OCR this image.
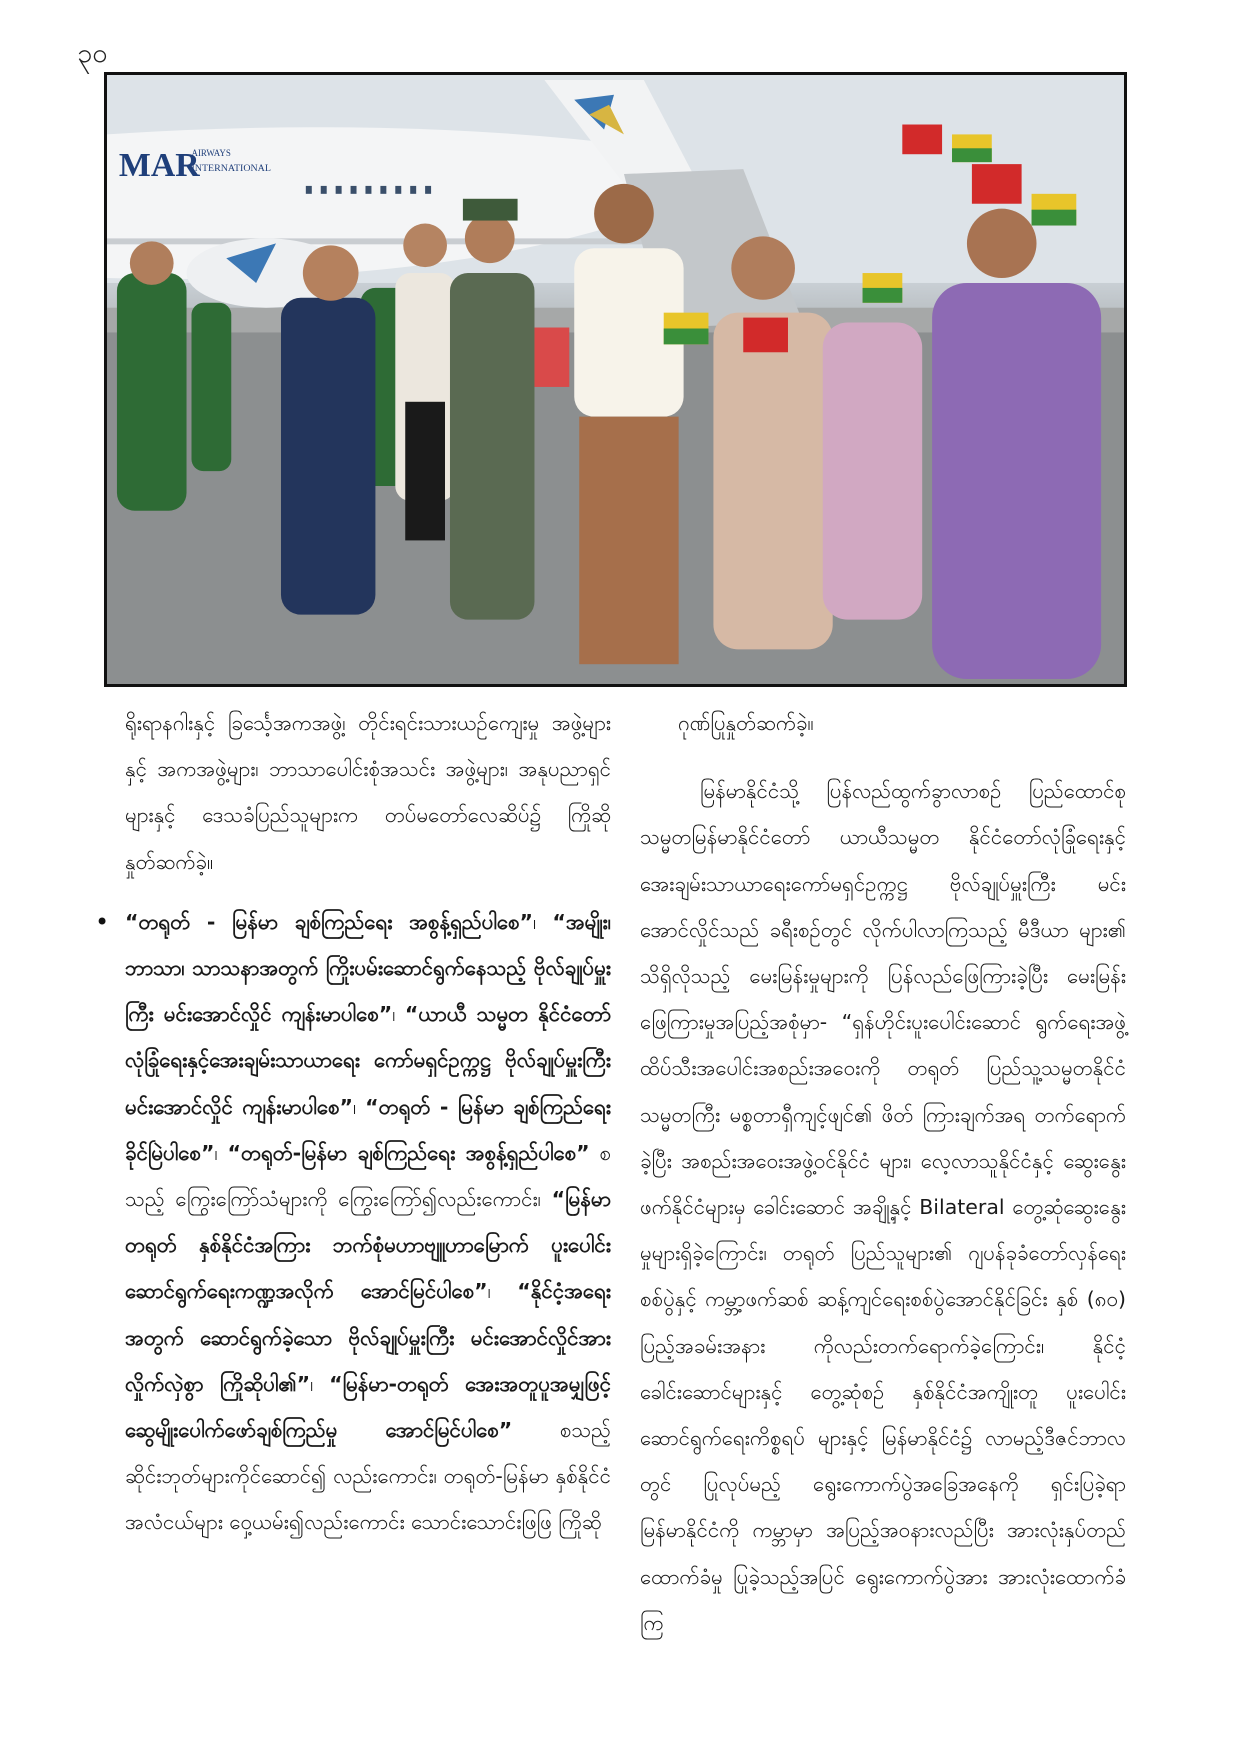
၃၀
MAR
AIRWAYS
INTERNATIONAL

ရိုးရာနဂါးနှင့် ခြင်္သေ့အကအဖွဲ့၊ တိုင်းရင်းသားယဉ်ကျေးမှု အဖွဲ့များနှင့် အကအဖွဲ့များ၊ ဘာသာပေါင်းစုံအသင်း အဖွဲ့များ၊ အနုပညာရှင်များနှင့် ဒေသခံပြည်သူများက တပ်မတော်လေဆိပ်၌ ကြိုဆိုနှုတ်ဆက်ခဲ့။

• “တရုတ် - မြန်မာ ချစ်ကြည်ရေး အစွန့်ရှည်ပါစေ”၊ “အမျိုး၊ ဘာသာ၊ သာသနာအတွက် ကြိုးပမ်းဆောင်ရွက်နေသည့် ဗိုလ်ချုပ်မှူးကြီး မင်းအောင်လှိုင် ကျန်းမာပါစေ”၊ “ယာယီ သမ္မတ နိုင်ငံတော်လုံခြုံရေးနှင့်အေးချမ်းသာယာရေး ကော်မရှင်ဥက္ကဋ္ဌ ဗိုလ်ချုပ်မှူးကြီး မင်းအောင်လှိုင် ကျန်းမာပါစေ”၊ “တရုတ် - မြန်မာ ချစ်ကြည်ရေးခိုင်မြဲပါစေ”၊ “တရုတ်-မြန်မာ ချစ်ကြည်ရေး အစွန့်ရှည်ပါစေ” စသည့် ကြွေးကြော်သံများကို ကြွေးကြော်၍လည်းကောင်း၊ “မြန်မာတရုတ် နှစ်နိုင်ငံအကြား ဘက်စုံမဟာဗျူဟာမြောက် ပူးပေါင်းဆောင်ရွက်ရေးကဏ္ဍအလိုက် အောင်မြင်ပါစေ”၊ “နိုင်ငံ့အရေးအတွက် ဆောင်ရွက်ခဲ့သော ဗိုလ်ချုပ်မှူးကြီး မင်းအောင်လှိုင်အား လှိုက်လှဲစွာ ကြိုဆိုပါ၏”၊ “မြန်မာ-တရုတ် အေးအတူပူအမျှဖြင့် ဆွေမျိုးပေါက်ဖော်ချစ်ကြည်မှု အောင်မြင်ပါစေ” စသည့် ဆိုင်းဘုတ်များကိုင်ဆောင်၍ လည်းကောင်း၊ တရုတ်-မြန်မာ နှစ်နိုင်ငံအလံငယ်များ ဝှေ့ယမ်း၍လည်းကောင်း သောင်းသောင်းဖြဖြ ကြိုဆို

ဂုဏ်ပြုနှုတ်ဆက်ခဲ့။

မြန်မာနိုင်ငံသို့ ပြန်လည်ထွက်ခွာလာစဉ် ပြည်ထောင်စု သမ္မတမြန်မာနိုင်ငံတော် ယာယီသမ္မတ နိုင်ငံတော်လုံခြုံရေးနှင့် အေးချမ်းသာယာရေးကော်မရှင်ဥက္ကဋ္ဌ ဗိုလ်ချုပ်မှူးကြီး မင်းအောင်လှိုင်သည် ခရီးစဉ်တွင် လိုက်ပါလာကြသည့် မီဒီယာ များ၏ သိရှိလိုသည့် မေးမြန်းမှုများကို ပြန်လည်ဖြေကြားခဲ့ပြီး မေးမြန်းဖြေကြားမှုအပြည့်အစုံမှာ- “ရှန်ဟိုင်းပူးပေါင်းဆောင် ရွက်ရေးအဖွဲ့ ထိပ်သီးအပေါင်းအစည်းအဝေးကို တရုတ် ပြည်သူ့သမ္မတနိုင်ငံ သမ္မတကြီး မစ္စတာရှီကျင့်ဖျင်၏ ဖိတ် ကြားချက်အရ တက်ရောက်ခဲ့ပြီး အစည်းအဝေးအဖွဲ့ဝင်နိုင်ငံ များ၊ လေ့လာသူနိုင်ငံနှင့် ဆွေးနွေးဖက်နိုင်ငံများမှ ခေါင်းဆောင် အချို့နှင့် Bilateral တွေ့ဆုံဆွေးနွေးမှုများရှိခဲ့ကြောင်း၊ တရုတ် ပြည်သူများ၏ ဂျပန်ခုခံတော်လှန်ရေးစစ်ပွဲနှင့် ကမ္ဘာ့ဖက်ဆစ် ဆန့်ကျင်ရေးစစ်ပွဲအောင်နိုင်ခြင်း နှစ် (၈၀) ပြည့်အခမ်းအနား ကိုလည်းတက်ရောက်ခဲ့ကြောင်း၊ နိုင်ငံ့ခေါင်းဆောင်များနှင့် တွေ့ဆုံစဉ် နှစ်နိုင်ငံအကျိုးတူ ပူးပေါင်းဆောင်ရွက်ရေးကိစ္စရပ် များနှင့် မြန်မာနိုင်ငံ၌ လာမည့်ဒီဇင်ဘာလတွင် ပြုလုပ်မည့် ရွေးကောက်ပွဲအခြေအနေကို ရှင်းပြခဲ့ရာ မြန်မာနိုင်ငံကို ကမ္ဘာမှာ အပြည့်အဝနားလည်ပြီး အားလုံးနှပ်တည်ထောက်ခံမှု ပြုခဲ့သည့်အပြင် ရွေးကောက်ပွဲအား အားလုံးထောက်ခံကြ
